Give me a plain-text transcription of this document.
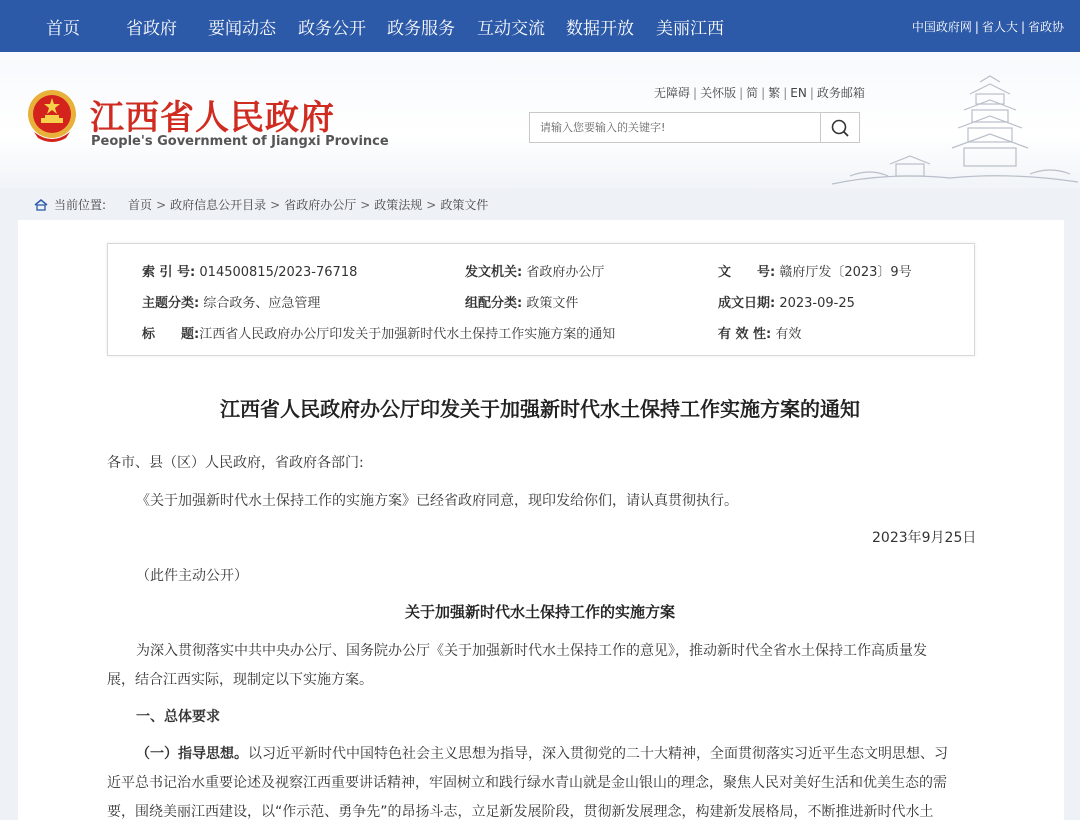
首页	省政府 要闻动态 政务公开 政务服务 互动交流 数据开放 美丽江西	中国政府网 | 省人大 | 省政协
江西省人民政府
People's Government of Jiangxi Province
无障碍 | 关怀版 | 简 | 繁 | EN | 政务邮箱
请输入您要输入的关键字!
当前位置: 首页 > 政府信息公开目录 > 省政府办公厅 > 政策法规 > 政策文件
索 引 号: 014500815/2023-76718	发文机关: 省政府办公厅	文　　号: 赣府厅发〔2023〕9号
主题分类: 综合政务、应急管理	组配分类: 政策文件	成文日期: 2023-09-25
标　　题:江西省人民政府办公厅印发关于加强新时代水土保持工作实施方案的通知	有 效 性: 有效
江西省人民政府办公厅印发关于加强新时代水土保持工作实施方案的通知
各市、县（区）人民政府，省政府各部门:
《关于加强新时代水土保持工作的实施方案》已经省政府同意，现印发给你们，请认真贯彻执行。
2023年9月25日
（此件主动公开）
关于加强新时代水土保持工作的实施方案
为深入贯彻落实中共中央办公厅、国务院办公厅《关于加强新时代水土保持工作的意见》，推动新时代全省水土保持工作高质量发
展，结合江西实际，现制定以下实施方案。
一、总体要求
（一）指导思想。以习近平新时代中国特色社会主义思想为指导，深入贯彻党的二十大精神，全面贯彻落实习近平生态文明思想、习
近平总书记治水重要论述及视察江西重要讲话精神，牢固树立和践行绿水青山就是金山银山的理念，聚焦人民对美好生活和优美生态的需
要，围绕美丽江西建设，以“作示范、勇争先”的昂扬斗志，立足新发展阶段，贯彻新发展理念，构建新发展格局，不断推进新时代水土
